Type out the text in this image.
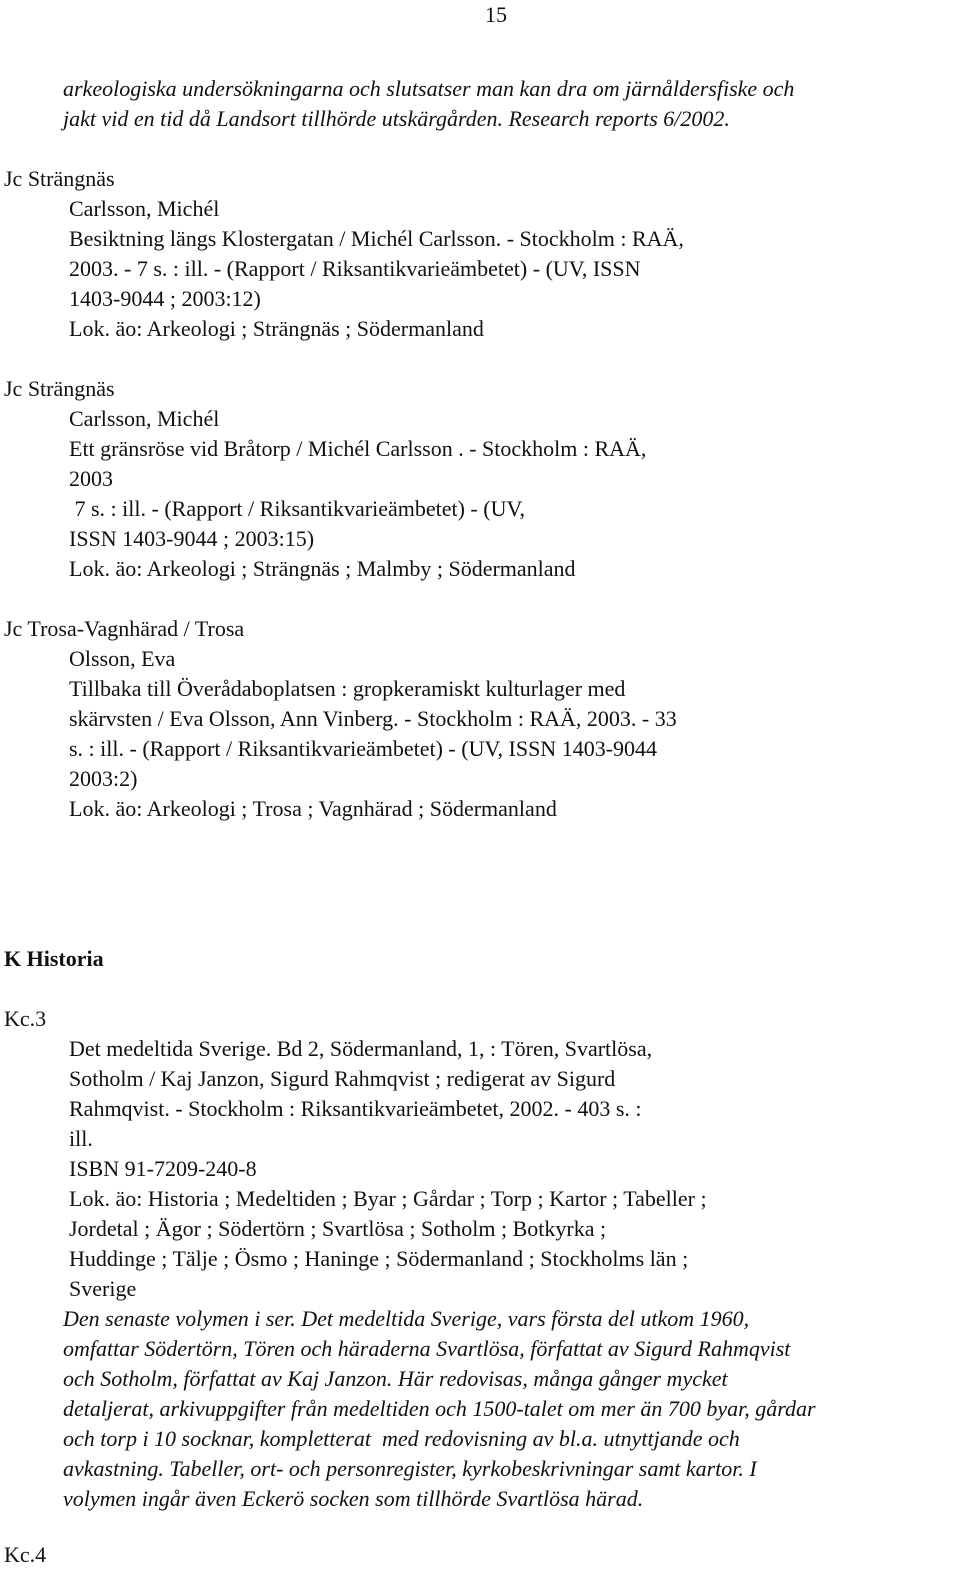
15
arkeologiska undersökningarna och slutsatser man kan dra om järnåldersfiske och
jakt vid en tid då Landsort tillhörde utskärgården. Research reports 6/2002.
Jc Strängnäs
Carlsson, Michél
Besiktning längs Klostergatan / Michél Carlsson. - Stockholm : RAÄ,
2003. - 7 s. : ill. - (Rapport / Riksantikvarieämbetet) - (UV, ISSN
1403-9044 ; 2003:12)
Lok. äo: Arkeologi ; Strängnäs ; Södermanland
Jc Strängnäs
Carlsson, Michél
Ett gränsröse vid Bråtorp / Michél Carlsson . - Stockholm : RAÄ,
2003
7 s. : ill. - (Rapport / Riksantikvarieämbetet) - (UV,
ISSN 1403-9044 ; 2003:15)
Lok. äo: Arkeologi ; Strängnäs ; Malmby ; Södermanland
Jc Trosa-Vagnhärad / Trosa
Olsson, Eva
Tillbaka till Överådaboplatsen : gropkeramiskt kulturlager med
skärvsten / Eva Olsson, Ann Vinberg. - Stockholm : RAÄ, 2003. - 33
s. : ill. - (Rapport / Riksantikvarieämbetet) - (UV, ISSN 1403-9044
2003:2)
Lok. äo: Arkeologi ; Trosa ; Vagnhärad ; Södermanland
K Historia
Kc.3
Det medeltida Sverige. Bd 2, Södermanland, 1, : Tören, Svartlösa,
Sotholm / Kaj Janzon, Sigurd Rahmqvist ; redigerat av Sigurd
Rahmqvist. - Stockholm : Riksantikvarieämbetet, 2002. - 403 s. :
ill.
ISBN 91-7209-240-8
Lok. äo: Historia ; Medeltiden ; Byar ; Gårdar ; Torp ; Kartor ; Tabeller ;
Jordetal ; Ägor ; Södertörn ; Svartlösa ; Sotholm ; Botkyrka ;
Huddinge ; Tälje ; Ösmo ; Haninge ; Södermanland ; Stockholms län ;
Sverige
Den senaste volymen i ser. Det medeltida Sverige, vars första del utkom 1960,
omfattar Södertörn, Tören och häraderna Svartlösa, författat av Sigurd Rahmqvist
och Sotholm, författat av Kaj Janzon. Här redovisas, många gånger mycket
detaljerat, arkivuppgifter från medeltiden och 1500-talet om mer än 700 byar, gårdar
och torp i 10 socknar, kompletterat  med redovisning av bl.a. utnyttjande och
avkastning. Tabeller, ort- och personregister, kyrkobeskrivningar samt kartor. I
volymen ingår även Eckerö socken som tillhörde Svartlösa härad.
Kc.4
